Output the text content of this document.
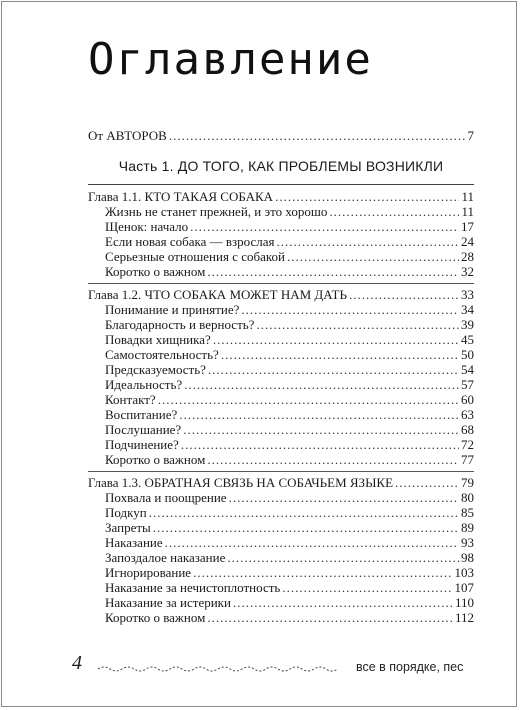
Оглавление
От АВТОРОВ .....	7
Часть 1. ДО ТОГО, КАК ПРОБЛЕМЫ ВОЗНИКЛИ
Глава 1.1. КТО ТАКАЯ СОБАКА .....	11
Жизнь не станет прежней, и это хорошо .....	11
Щенок: начало .....	17
Если новая собака — взрослая .....	24
Серьезные отношения с собакой .....	28
Коротко о важном .....	32
Глава 1.2. ЧТО СОБАКА МОЖЕТ НАМ ДАТЬ .....	33
Понимание и принятие? .....	34
Благодарность и верность? .....	39
Повадки хищника? .....	45
Самостоятельность? .....	50
Предсказуемость? .....	54
Идеальность? .....	57
Контакт? .....	60
Воспитание? .....	63
Послушание? .....	68
Подчинение? .....	72
Коротко о важном .....	77
Глава 1.3. ОБРАТНАЯ СВЯЗЬ НА СОБАЧЬЕМ ЯЗЫКЕ .....	79
Похвала и поощрение .....	80
Подкуп .....	85
Запреты .....	89
Наказание .....	93
Запоздалое наказание .....	98
Игнорирование .....	103
Наказание за нечистоплотность .....	107
Наказание за истерики .....	110
Коротко о важном .....	112
4	все в порядке, пес
